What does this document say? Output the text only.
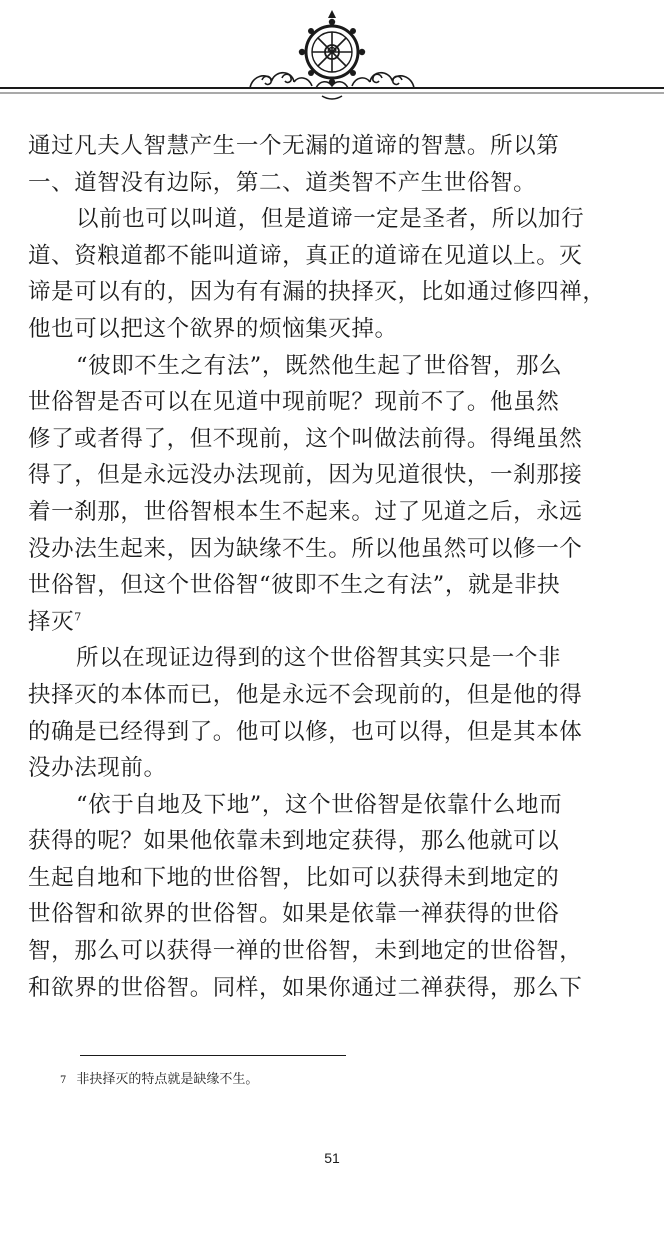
通过凡夫人智慧产生一个无漏的道谛的智慧。所以第
一、道智没有边际，第二、道类智不产生世俗智。
以前也可以叫道，但是道谛一定是圣者，所以加行
道、资粮道都不能叫道谛，真正的道谛在见道以上。灭
谛是可以有的，因为有有漏的抉择灭，比如通过修四禅，
他也可以把这个欲界的烦恼集灭掉。
“彼即不生之有法”，既然他生起了世俗智，那么
世俗智是否可以在见道中现前呢？现前不了。他虽然
修了或者得了，但不现前，这个叫做法前得。得绳虽然
得了，但是永远没办法现前，因为见道很快，一刹那接
着一刹那，世俗智根本生不起来。过了见道之后，永远
没办法生起来，因为缺缘不生。所以他虽然可以修一个
世俗智，但这个世俗智“彼即不生之有法”，就是非抉
择灭$^7$
所以在现证边得到的这个世俗智其实只是一个非
抉择灭的本体而已，他是永远不会现前的，但是他的得
的确是已经得到了。他可以修，也可以得，但是其本体
没办法现前。
“依于自地及下地”，这个世俗智是依靠什么地而
获得的呢？如果他依靠未到地定获得，那么他就可以
生起自地和下地的世俗智，比如可以获得未到地定的
世俗智和欲界的世俗智。如果是依靠一禅获得的世俗
智，那么可以获得一禅的世俗智，未到地定的世俗智，
和欲界的世俗智。同样，如果你通过二禅获得，那么下
7 非抉择灭的特点就是缺缘不生。
51
